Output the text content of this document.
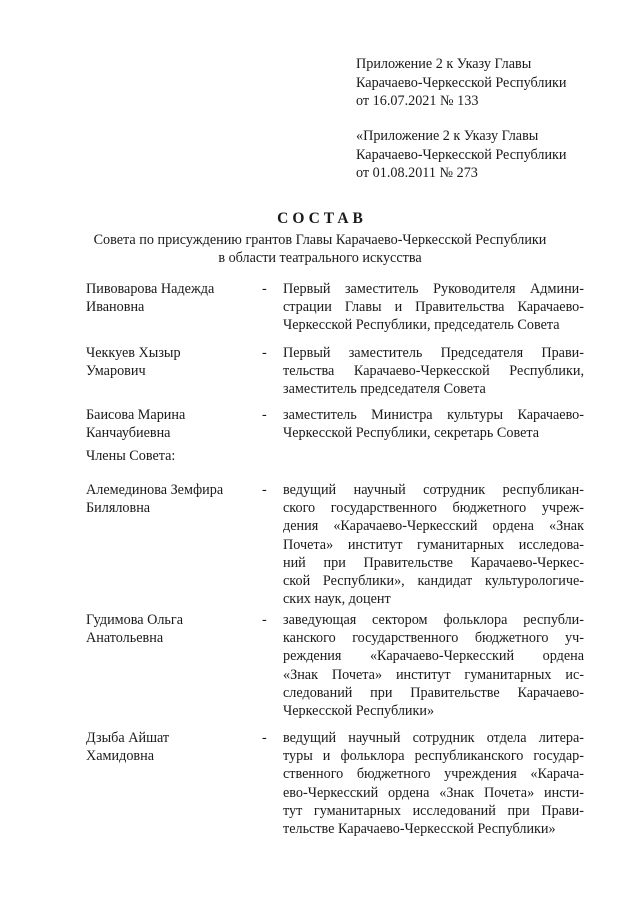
Приложение 2 к Указу Главы
Карачаево-Черкесской Республики
от 16.07.2021 № 133
«Приложение 2 к Указу Главы
Карачаево-Черкесской Республики
от 01.08.2011 № 273
СОСТАВ
Совета по присуждению грантов Главы Карачаево-Черкесской Республики
в области театрального искусства
Пивоварова Надежда
Ивановна
- Первый заместитель Руководителя Админи-
страции Главы и Правительства Карачаево-
Черкесской Республики, председатель Совета
Чеккуев Хызыр
Умарович
- Первый заместитель Председателя Прави-
тельства Карачаево-Черкесской Республики,
заместитель председателя Совета
Баисова Марина
Канчаубиевна
- заместитель Министра культуры Карачаево-
Черкесской Республики, секретарь Совета
Члены Совета:
Алемединова Земфира
Биляловна
- ведущий научный сотрудник республикан-
ского государственного бюджетного учреж-
дения «Карачаево-Черкесский ордена «Знак
Почета» институт гуманитарных исследова-
ний при Правительстве Карачаево-Черкес-
ской Республики», кандидат культурологиче-
ских наук, доцент
Гудимова Ольга
Анатольевна
- заведующая сектором фольклора республи-
канского государственного бюджетного уч-
реждения «Карачаево-Черкесский ордена
«Знак Почета» институт гуманитарных ис-
следований при Правительстве Карачаево-
Черкесской Республики»
Дзыба Айшат
Хамидовна
- ведущий научный сотрудник отдела литера-
туры и фольклора республиканского государ-
ственного бюджетного учреждения «Карача-
ево-Черкесский ордена «Знак Почета» инсти-
тут гуманитарных исследований при Прави-
тельстве Карачаево-Черкесской Республики»
